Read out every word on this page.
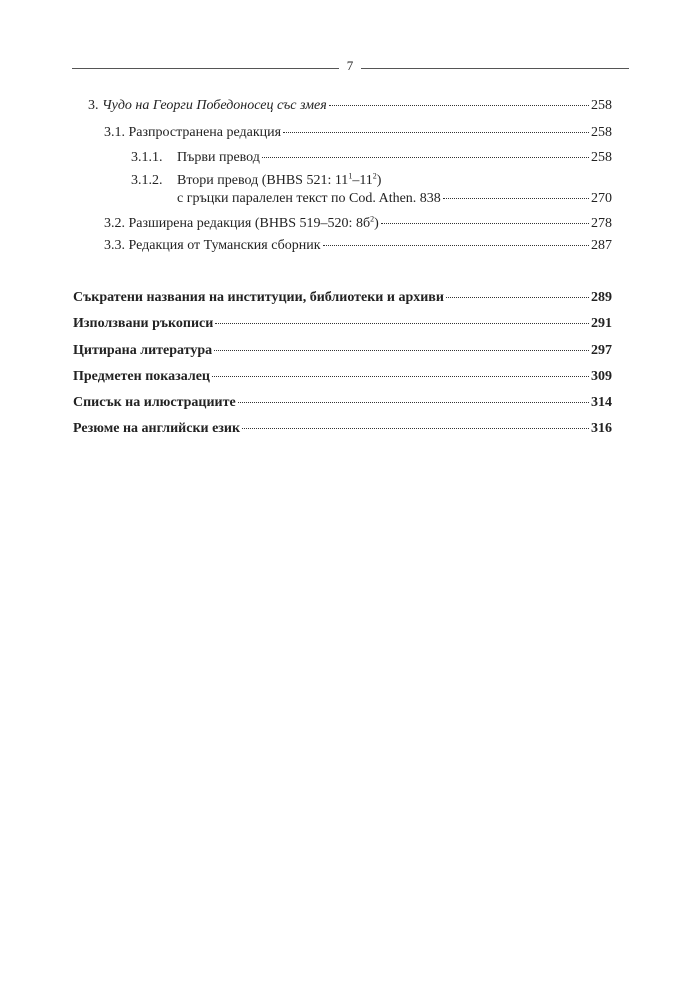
7
3. Чудо на Георги Победоносец със змея	258
3.1. Разпространена редакция	258
3.1.1. Първи превод	258
3.1.2. Втори превод (BHBS 521: $11^1-11^2$)
с гръцки паралелен текст по Cod. Athen. 838	270
3.2. Разширена редакция (BHBS 519–520: $8б^2$)	278
3.3. Редакция от Туманския сборник	287
Съкратени названия на институции, библиотеки и архиви	289
Използвани ръкописи	291
Цитирана литература	297
Предметен показалец	309
Списък на илюстрациите	314
Резюме на английски език	316
